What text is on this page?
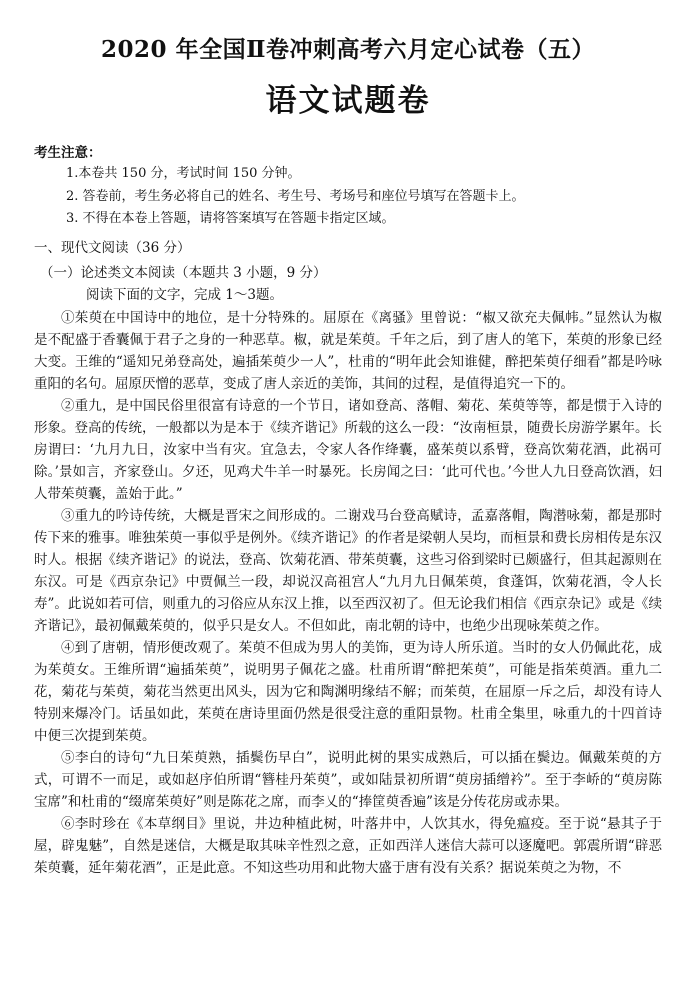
2020 年全国Ⅱ卷冲刺高考六月定心试卷（五）
语文试题卷
考生注意：
1.本卷共 150 分，考试时间 150 分钟。
2. 答卷前，考生务必将自己的姓名、考生号、考场号和座位号填写在答题卡上。
3. 不得在本卷上答题，请将答案填写在答题卡指定区域。
一、现代文阅读（36 分）
（一）论述类文本阅读（本题共 3 小题，9 分）
阅读下面的文字，完成 1～3题。

①茱萸在中国诗中的地位，是十分特殊的。屈原在《离骚》里曾说：“椒又欲充夫佩帏。”显然认为椒是不配盛于香囊佩于君子之身的一种恶草。椒，就是茱萸。千年之后，到了唐人的笔下，茱萸的形象已经大变。王维的“遥知兄弟登高处，遍插茱萸少一人”，杜甫的“明年此会知谁健，醉把茱萸仔细看”都是吟咏重阳的名句。屈原厌憎的恶草，变成了唐人亲近的美饰，其间的过程，是值得追究一下的。

②重九，是中国民俗里很富有诗意的一个节日，诸如登高、落帽、菊花、茱萸等等，都是惯于入诗的形象。登高的传统，一般都以为是本于《续齐谐记》所载的这么一段：“汝南桓景，随费长房游学累年。长房谓曰：‘九月九日，汝家中当有灾。宜急去，令家人各作绛囊，盛茱萸以系臂，登高饮菊花酒，此祸可除。’景如言，齐家登山。夕还，见鸡犬牛羊一时暴死。长房闻之曰：‘此可代也。’今世人九日登高饮酒，妇人带茱萸囊，盖始于此。”

③重九的吟诗传统，大概是晋宋之间形成的。二谢戏马台登高赋诗，孟嘉落帽，陶潜咏菊，都是那时传下来的雅事。唯独茱萸一事似乎是例外。《续齐谐记》的作者是梁朝人吴均，而桓景和费长房相传是东汉时人。根据《续齐谐记》的说法，登高、饮菊花酒、带茱萸囊，这些习俗到梁时已颇盛行，但其起源则在东汉。可是《西京杂记》中贾佩兰一段，却说汉高祖宫人“九月九日佩茱萸，食蓬饵，饮菊花酒，令人长寿”。此说如若可信，则重九的习俗应从东汉上推，以至西汉初了。但无论我们相信《西京杂记》或是《续齐谐记》，最初佩戴茱萸的，似乎只是女人。不但如此，南北朝的诗中，也绝少出现咏茱萸之作。

④到了唐朝，情形便改观了。茱萸不但成为男人的美饰，更为诗人所乐道。当时的女人仍佩此花，成为茱萸女。王维所谓“遍插茱萸”，说明男子佩花之盛。杜甫所谓“醉把茱萸”，可能是指茱萸酒。重九二花，菊花与茱萸，菊花当然更出风头，因为它和陶渊明缘结不解；而茱萸，在屈原一斥之后，却没有诗人特别来爆冷门。话虽如此，茱萸在唐诗里面仍然是很受注意的重阳景物。杜甫全集里，咏重九的十四首诗中便三次提到茱萸。

⑤李白的诗句“九日茱萸熟，插鬓伤早白”，说明此树的果实成熟后，可以插在鬓边。佩戴茱萸的方式，可谓不一而足，或如赵序伯所谓“簪桂丹茱萸”，或如陆景初所谓“萸房插缯衿”。至于李峤的“萸房陈宝席”和杜甫的“缀席茱萸好”则是陈花之席，而李乂的“捧筐萸香遍”该是分传花房或赤果。

⑥李时珍在《本草纲目》里说，井边种植此树，叶落井中，人饮其水，得免瘟疫。至于说“悬其子于屋，辟鬼魅”，自然是迷信，大概是取其味辛性烈之意，正如西洋人迷信大蒜可以逐魔吧。郭震所谓“辟恶茱萸囊，延年菊花酒”，正是此意。不知这些功用和此物大盛于唐有没有关系？据说茱萸之为物，不
